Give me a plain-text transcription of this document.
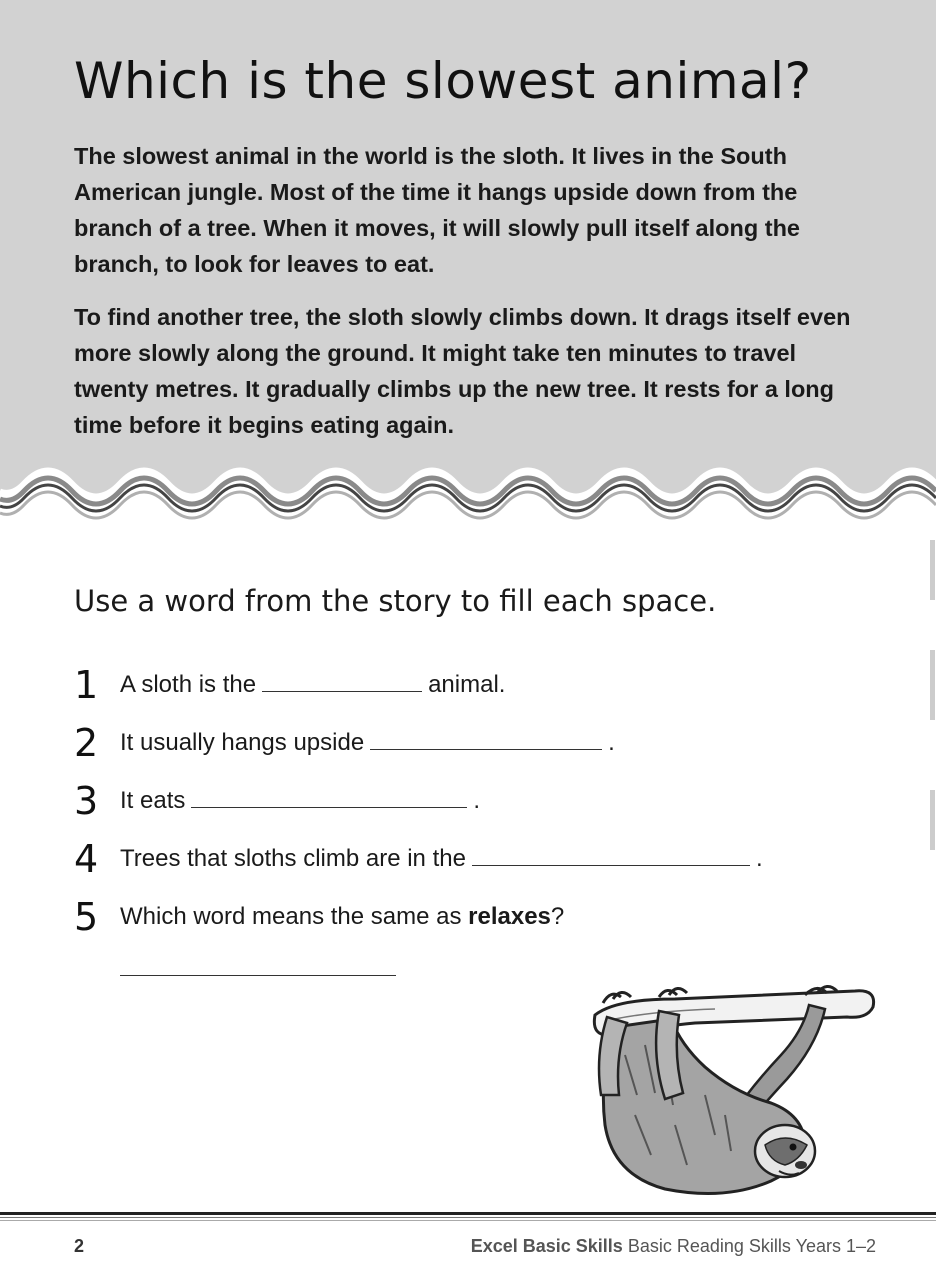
Which is the slowest animal?

The slowest animal in the world is the sloth. It lives in the South American jungle. Most of the time it hangs upside down from the branch of a tree. When it moves, it will slowly pull itself along the branch, to look for leaves to eat.

To find another tree, the sloth slowly climbs down. It drags itself even more slowly along the ground. It might take ten minutes to travel twenty metres. It gradually climbs up the new tree. It rests for a long time before it begins eating again.

Use a word from the story to fill each space.
1 A sloth is the	animal.
2 It usually hangs upside	.
3 It eats	.
4 Trees that sloths climb are in the	.
5 Which word means the same as relaxes?
2	Excel Basic Skills Basic Reading Skills Years 1–2
